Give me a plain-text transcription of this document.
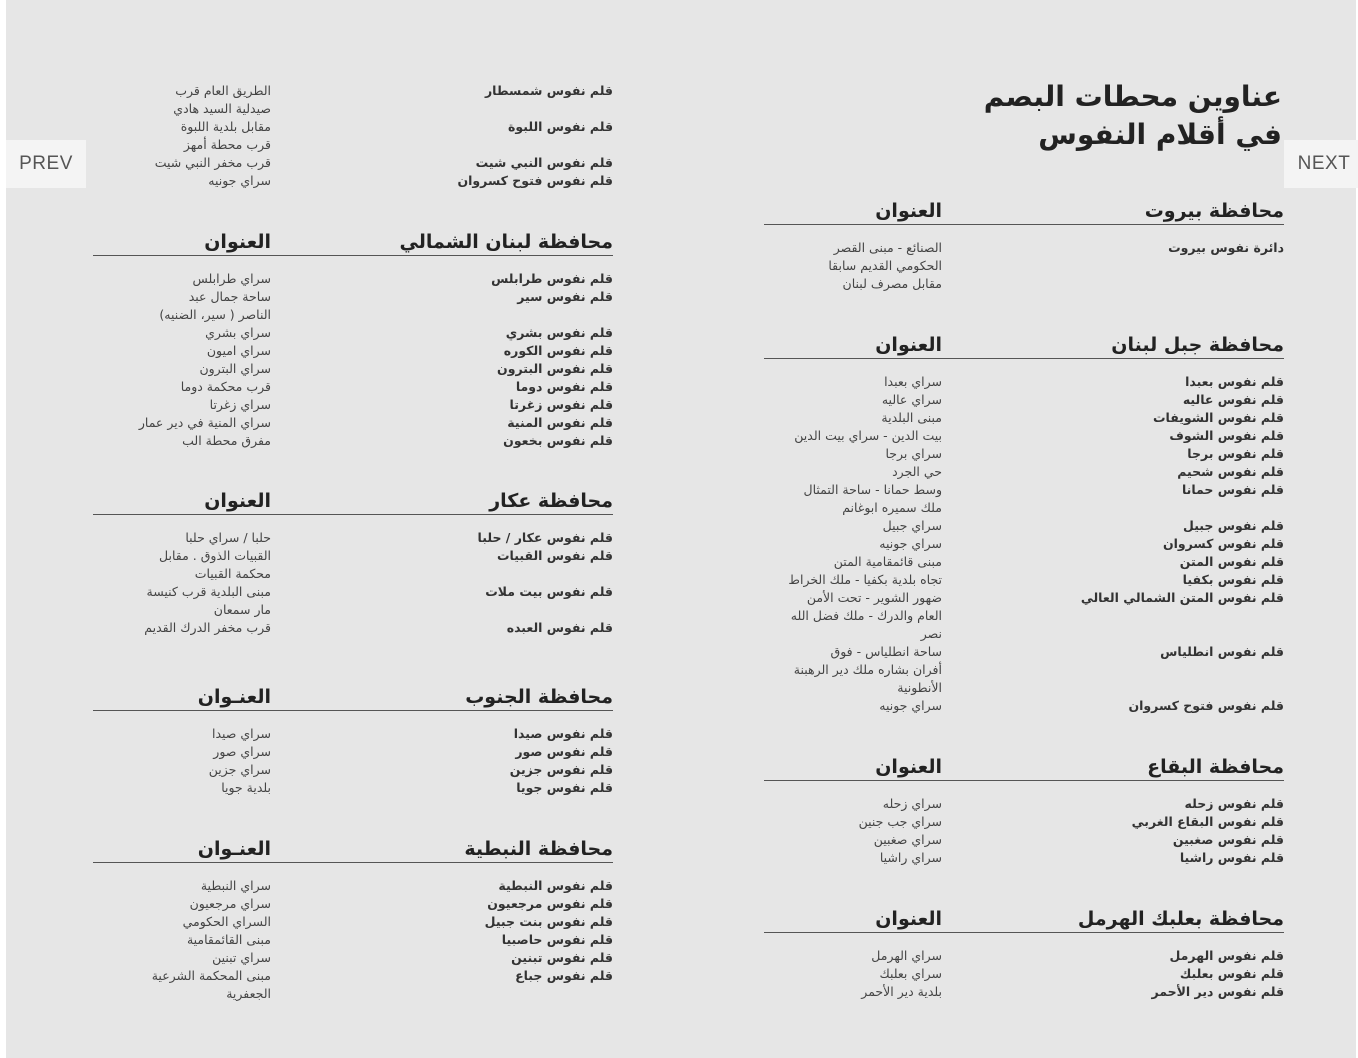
PREV	NEXT
عناوين محطات البصم
في أقلام النفوس
محافظة بيروت
العنوان
دائرة نفوس بيروت
الصنائع - مبنى القصر
الحكومي القديم سابقا
مقابل مصرف لبنان
محافظة جبل لبنان
العنوان
قلم نفوس بعبدا
سراي بعبدا
قلم نفوس عاليه
سراي عاليه
قلم نفوس الشويفات
مبنى البلدية
قلم نفوس الشوف
بيت الدين - سراي بيت الدين
قلم نفوس برجا
سراي برجا
قلم نفوس شحيم
حي الجرد
قلم نفوس حمانا
وسط حمانا - ساحة التمثال
ملك سميره ابوغانم
قلم نفوس جبيل
سراي جبيل
قلم نفوس كسروان
سراي جونيه
قلم نفوس المتن
مبنى قائمقامية المتن
قلم نفوس بكفيا
تجاه بلدية بكفيا - ملك الخراط
قلم نفوس المتن الشمالي العالي
ضهور الشوير - تحت الأمن
العام والدرك - ملك فضل الله
نصر
قلم نفوس انطلياس
ساحة انطلياس - فوق
أفران بشاره ملك دير الرهبنة
الأنطونية
قلم نفوس فتوح كسروان
سراي جونيه
محافظة البقاع
العنوان
قلم نفوس زحله
سراي زحله
قلم نفوس البقاع الغربي
سراي جب جنين
قلم نفوس صغبين
سراي صغبين
قلم نفوس راشيا
سراي راشيا
محافظة بعلبك الهرمل
العنوان
قلم نفوس الهرمل
سراي الهرمل
قلم نفوس بعلبك
سراي بعلبك
قلم نفوس دير الأحمر
بلدية دير الأحمر
قلم نفوس شمسطار
الطريق العام قرب
صيدلية السيد هادي
قلم نفوس اللبوة
مقابل بلدية اللبوة
قرب محطة أمهز
قلم نفوس النبي شيت
قرب مخفر النبي شيت
قلم نفوس فتوح كسروان
سراي جونيه
محافظة لبنان الشمالي
العنوان
قلم نفوس طرابلس
سراي طرابلس
قلم نفوس سير
ساحة جمال عبد
الناصر ( سير، الضنيه)
قلم نفوس بشري
سراي بشري
قلم نفوس الكوره
سراي اميون
قلم نفوس البترون
سراي البترون
قلم نفوس دوما
قرب محكمة دوما
قلم نفوس زغرتا
سراي زغرتا
قلم نفوس المنية
سراي المنية في دير عمار
قلم نفوس بخعون
مفرق محطة الب
محافظة عكار
العنوان
قلم نفوس عكار / حلبا
حلبا / سراي حلبا
قلم نفوس القبيات
القبيات الذوق . مقابل
محكمة القبيات
قلم نفوس بيت ملات
مبنى البلدية قرب كنيسة
مار سمعان
قلم نفوس العبده
قرب مخفر الدرك القديم
محافظة الجنوب
العنـوان
قلم نفوس صيدا
سراي صيدا
قلم نفوس صور
سراي صور
قلم نفوس جزين
سراي جزين
قلم نفوس جويا
بلدية جويا
محافظة النبطية
العنـوان
قلم نفوس النبطية
سراي النبطية
قلم نفوس مرجعيون
سراي مرجعيون
قلم نفوس بنت جبيل
السراي الحكومي
قلم نفوس حاصبيا
مبنى القائمقامية
قلم نفوس تبنين
سراي تبنين
قلم نفوس جباع
مبنى المحكمة الشرعية
الجعفرية
